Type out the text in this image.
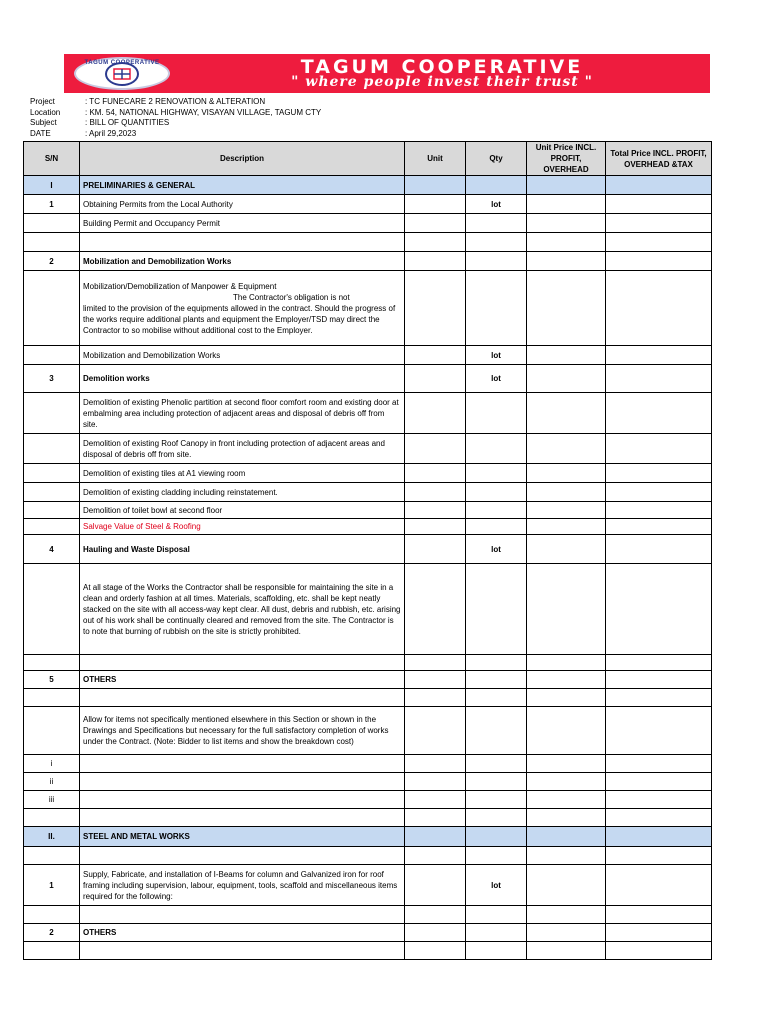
TAGUM COOPERATIVE	TAGUM COOPERATIVE
" where people invest their trust "
Project	: TC FUNECARE 2 RENOVATION & ALTERATION
Location	: KM. 54, NATIONAL HIGHWAY, VISAYAN VILLAGE, TAGUM CTY
Subject	: BILL OF QUANTITIES
DATE	: April 29,2023
S/N	Description	Unit	Qty	Unit Price INCL. PROFIT, OVERHEAD	Total Price INCL. PROFIT, OVERHEAD &TAX
I	PRELIMINARIES & GENERAL				
1	Obtaining Permits from the Local Authority		lot		
	Building Permit and Occupancy Permit				

2	Mobilization and Demobilization Works				
	Mobilization/Demobilization of Manpower & Equipment
The Contractor's obligation is not
limited to the provision of the equipments allowed in the contract. Should the progress of the works require additional plants and equipment the Employer/TSD may direct the Contractor to so mobilise without additional cost to the Employer.				
	Mobilization and Demobilization Works		lot		
3	Demolition works		lot		
	Demolition of existing Phenolic partition at second floor comfort room and existing door at embalming area including protection of adjacent areas and disposal of debris off from site.				
	Demolition of existing Roof Canopy in front including protection of adjacent areas and disposal of debris off from site.				
	Demolition of existing tiles at A1 viewing room				
	Demolition of existing cladding including reinstatement.				
	Demolition of toilet bowl at second floor				
	Salvage Value of Steel & Roofing				
4	Hauling and Waste Disposal		lot		
	At all stage of the Works the Contractor shall be responsible for maintaining the site in a clean and orderly fashion at all times. Materials, scaffolding, etc. shall be kept neatly stacked on the site with all access-way kept clear. All dust, debris and rubbish, etc. arising out of his work shall be continually cleared and removed from the site. The Contractor is to note that burning of rubbish on the site is strictly prohibited.				

5	OTHERS				

	Allow for items not specifically mentioned elsewhere in this Section or shown in the Drawings and Specifications but necessary for the full satisfactory completion of works under the Contract. (Note: Bidder to list items and show the breakdown cost)				
i					
ii					
iii					

II.	STEEL AND METAL WORKS				

1	Supply, Fabricate, and installation of I-Beams for column and Galvanized iron for roof framing including supervision, labour, equipment, tools, scaffold and miscellaneous items required for the following:		lot		

2	OTHERS				
